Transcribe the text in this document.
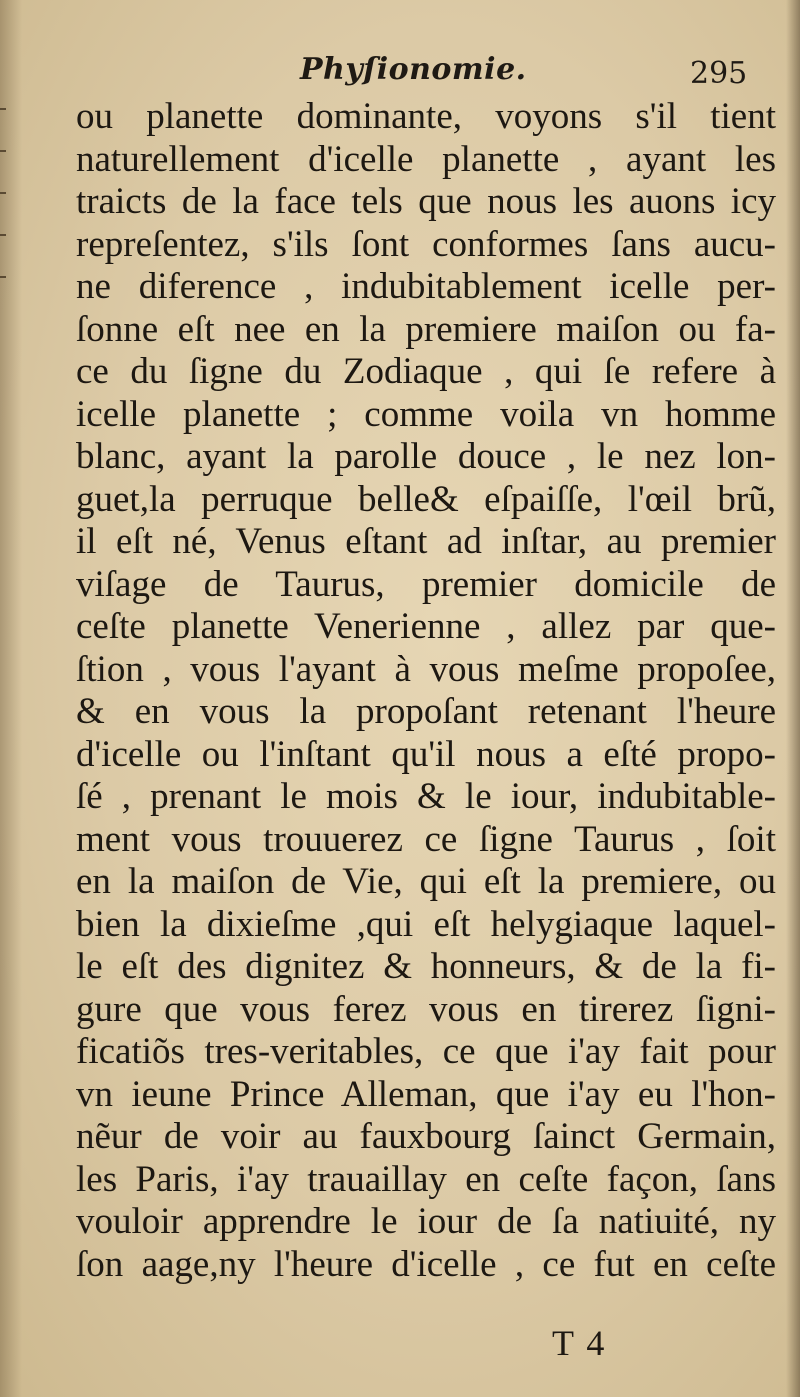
Phyſionomie.	295
ou planette dominante, voyons s'il tient
naturellement d'icelle planette , ayant les
traicts de la face tels que nous les auons icy
repreſentez, s'ils ſont conformes ſans aucu-
ne diference , indubitablement icelle per-
ſonne eſt nee en la premiere maiſon ou fa-
ce du ſigne du Zodiaque , qui ſe refere à
icelle planette ; comme voila vn homme
blanc, ayant la parolle douce , le nez lon-
guet,la perruque belle& eſpaiſſe, l'œil brũ,
il eſt né, Venus eſtant ad inſtar, au premier
viſage de Taurus, premier domicile de
ceſte planette Venerienne , allez par que-
ſtion , vous l'ayant à vous meſme propoſee,
& en vous la propoſant retenant l'heure
d'icelle ou l'inſtant qu'il nous a eſté propo-
ſé , prenant le mois & le iour, indubitable-
ment vous trouuerez ce ſigne Taurus , ſoit
en la maiſon de Vie, qui eſt la premiere, ou
bien la dixieſme ,qui eſt helygiaque laquel-
le eſt des dignitez & honneurs, & de la fi-
gure que vous ferez vous en tirerez ſigni-
ficatiõs tres-veritables, ce que i'ay fait pour
vn ieune Prince Alleman, que i'ay eu l'hon-
nẽur de voir au fauxbourg ſainct Germain,
les Paris, i'ay trauaillay en ceſte façon, ſans
vouloir apprendre le iour de ſa natiuité, ny
ſon aage,ny l'heure d'icelle , ce fut en ceſte
T 4
